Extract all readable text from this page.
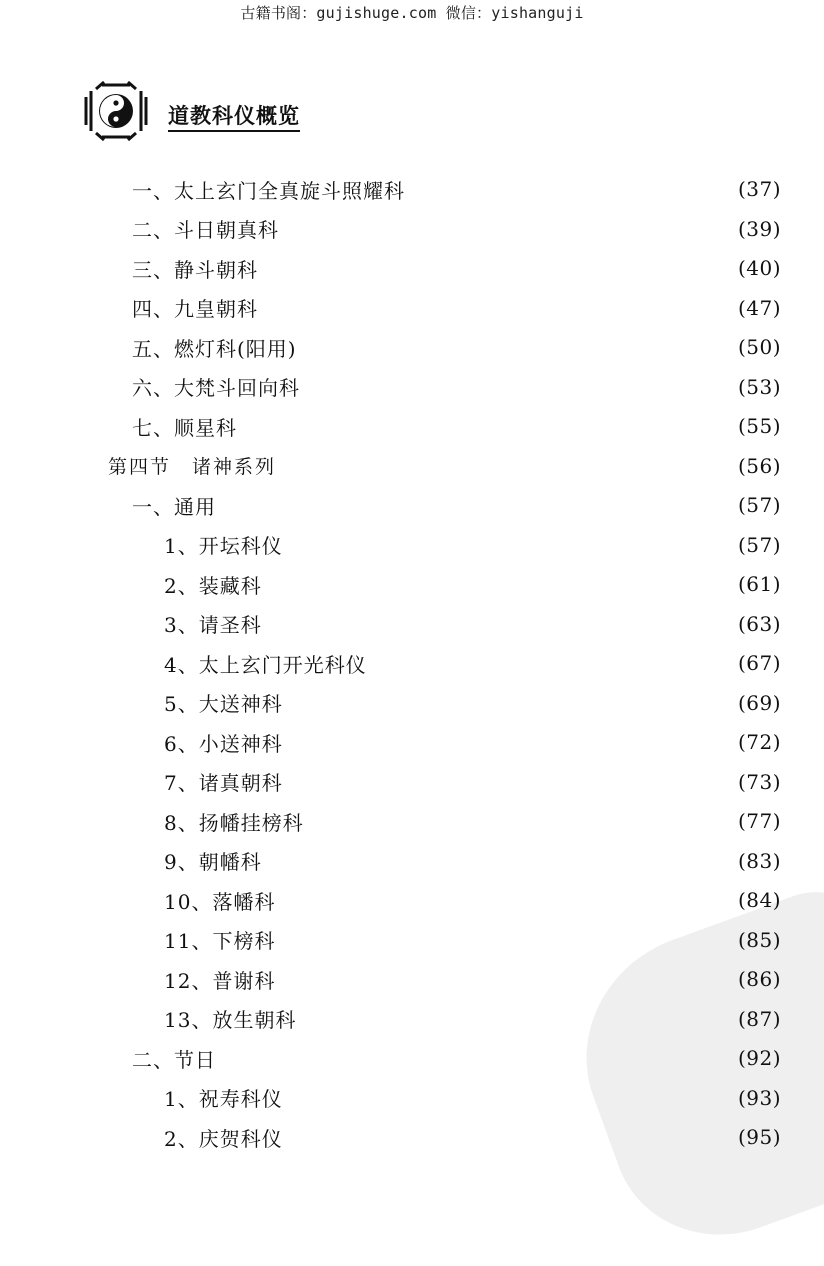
古籍书阁：gujishuge.com 微信：yishanguji
道教科仪概览
一、太上玄门全真旋斗照耀科	(37)
二、斗日朝真科	(39)
三、静斗朝科	(40)
四、九皇朝科	(47)
五、燃灯科(阳用)	(50)
六、大梵斗回向科	(53)
七、顺星科	(55)
第四节　诸神系列	(56)
一、通用	(57)
1、开坛科仪	(57)
2、装藏科	(61)
3、请圣科	(63)
4、太上玄门开光科仪	(67)
5、大送神科	(69)
6、小送神科	(72)
7、诸真朝科	(73)
8、扬幡挂榜科	(77)
9、朝幡科	(83)
10、落幡科	(84)
11、下榜科	(85)
12、普谢科	(86)
13、放生朝科	(87)
二、节日	(92)
1、祝寿科仪	(93)
2、庆贺科仪	(95)
